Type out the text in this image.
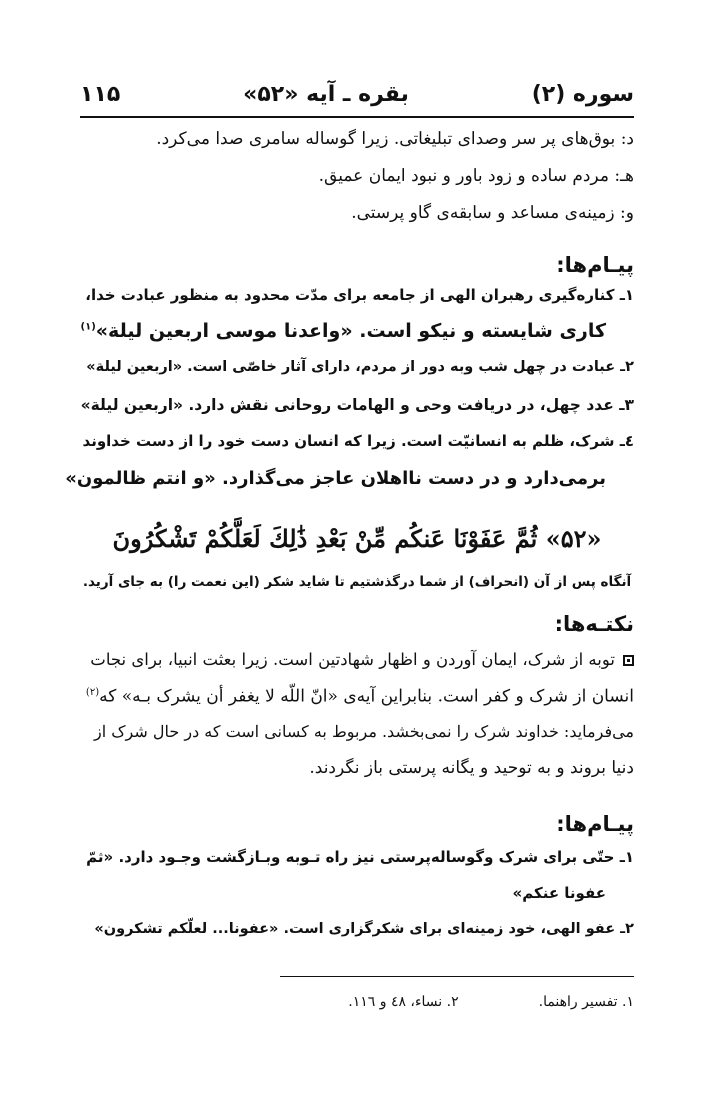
سوره (۲)
بقره ـ آیه «۵۲»
۱۱۵
د: بوق‌های پر سر وصدای تبلیغاتی. زیرا گوساله سامری صدا می‌کرد.
هـ: مردم ساده و زود باور و نبود ایمان عمیق.
و: زمینه‌ی مساعد و سابقه‌ی گاو پرستی.
پیـام‌ها:
۱ـ کناره‌گیری رهبران الهی از جامعه برای مدّت محدود به منظور عبادت خدا،
کاری شایسته و نیکو است. «واعدنا موسی اربعین لیلة»$^{(۱)}$
۲ـ عبادت در چهل شب وبه دور از مردم، دارای آثار خاصّی است. «اربعین لیلة»
۳ـ عدد چهل، در دریافت وحی و الهامات روحانی نقش دارد. «اربعین لیلة»
٤ـ شرک، ظلم به انسانیّت است. زیرا که انسان دست خود را از دست خداوند
برمی‌دارد و در دست نااهلان عاجز می‌گذارد. «و انتم ظالمون»
«۵۲» ثُمَّ عَفَوْنَا عَنكُم مِّنْ بَعْدِ ذَٰلِكَ لَعَلَّكُمْ تَشْكُرُونَ
آنگاه پس از آن (انحراف) از شما درگذشتیم تا شاید شکر (این نعمت را) به جای آرید.
نکتـه‌ها:
توبه از شرک، ایمان آوردن و اظهار شهادتین است. زیرا بعثت انبیا، برای نجات
انسان از شرک و کفر است. بنابراین آیه‌ی «انّ اللّه لا یغفر أن یشرک بـه» که$^{(۲)}$
می‌فرماید: خداوند شرک را نمی‌بخشد. مربوط به کسانی است که در حال شرک از
دنیا بروند و به توحید و یگانه پرستی باز نگردند.
پیـام‌ها:
۱ـ حتّی برای شرک وگوساله‌پرستی نیز راه تـوبه وبـازگشت وجـود دارد. «ثمّ
عفونا عنکم»
۲ـ عفو الهی، خود زمینه‌ای برای شکرگزاری است. «عفونا... لعلّکم تشکرون»
۱. تفسیر راهنما.۲. نساء، ٤۸ و ۱۱٦.
